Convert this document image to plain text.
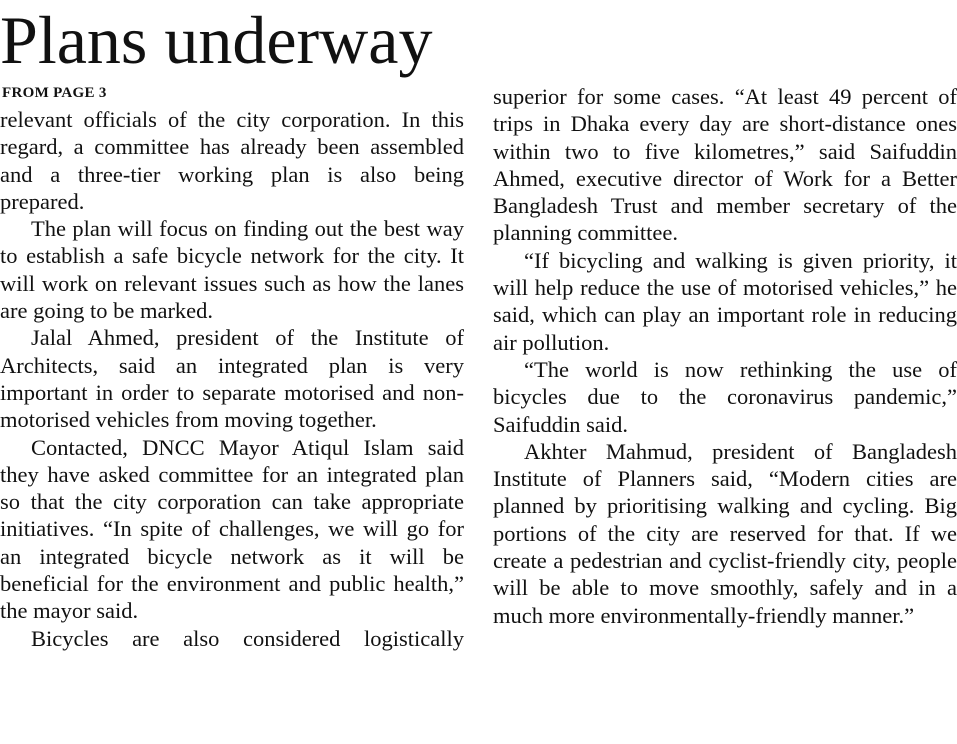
Plans underway
FROM PAGE 3

relevant officials of the city corporation. In this regard, a committee has already been assembled and a three-tier working plan is also being prepared.

The plan will focus on finding out the best way to establish a safe bicycle network for the city. It will work on relevant issues such as how the lanes are going to be marked.

Jalal Ahmed, president of the Institute of Architects, said an integrated plan is very important in order to separate motorised and non-motorised vehicles from moving together.

Contacted, DNCC Mayor Atiqul Islam said they have asked committee for an integrated plan so that the city corporation can take appropriate initiatives. “In spite of challenges, we will go for an integrated bicycle network as it will be beneficial for the environment and public health,” the mayor said.

Bicycles are also considered logistically

superior for some cases. “At least 49 percent of trips in Dhaka every day are short-distance ones within two to five kilometres,” said Saifuddin Ahmed, executive director of Work for a Better Bangladesh Trust and member secretary of the planning committee.

“If bicycling and walking is given priority, it will help reduce the use of motorised vehicles,” he said, which can play an important role in reducing air pollution.

“The world is now rethinking the use of bicycles due to the coronavirus pandemic,” Saifuddin said.

Akhter Mahmud, president of Bangladesh Institute of Planners said, “Modern cities are planned by prioritising walking and cycling. Big portions of the city are reserved for that. If we create a pedestrian and cyclist-friendly city, people will be able to move smoothly, safely and in a much more environmentally-friendly manner.”
